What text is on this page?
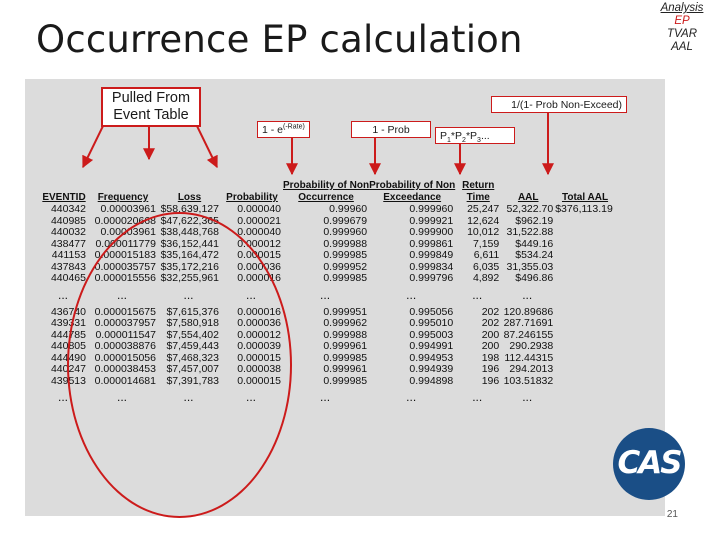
Occurrence EP calculation
Analysis
EP
TVAR
AAL
Pulled From Event Table
$1 - e^{(-Rate)}$	1 - Prob	$P_1*P_2*P_3$...
1/(1- Prob Non-Exceed)
				Probability of Non	Probability of Non	Return		
EVENTID	Frequency	Loss	Probability	Occurrence	Exceedance	Time	AAL	Total AAL
440342	0.00003961	$58,639,127	0.000040	0.99960	0.999960	25,247	52,322.70	$376,113.19
440985	0.000020668	$47,622,365	0.000021	0.999679	0.999921	12,624	$962.19	
440032	0.00003961	$38,448,768	0.000040	0.999960	0.999900	10,012	31,522.88	
438477	0.000011779	$36,152,441	0.000012	0.999988	0.999861	7,159	$449.16	
441153	0.000015183	$35,164,472	0.000015	0.999985	0.999849	6,611	$534.24	
437843	0.000035757	$35,172,216	0.000036	0.999952	0.999834	6,035	31,355.03	
440465	0.000015556	$32,255,961	0.000016	0.999985	0.999796	4,892	$496.86	
...	...	...	...	...	...	...	...	
436740	0.000015675	$7,615,376	0.000016	0.999951	0.995056	202	120.89686	
439331	0.000037957	$7,580,918	0.000036	0.999962	0.995010	202	287.71691	
444785	0.000011547	$7,554,402	0.000012	0.999988	0.995003	200	87.246155	
440805	0.000038876	$7,459,443	0.000039	0.999961	0.994991	200	290.2938	
444490	0.000015056	$7,468,323	0.000015	0.999985	0.994953	198	112.44315	
440247	0.000038453	$7,457,007	0.000038	0.999961	0.994939	196	294.2013	
439513	0.000014681	$7,391,783	0.000015	0.999985	0.994898	196	103.51832	
...	...	...	...	...	...	...	...	
CAS
21
